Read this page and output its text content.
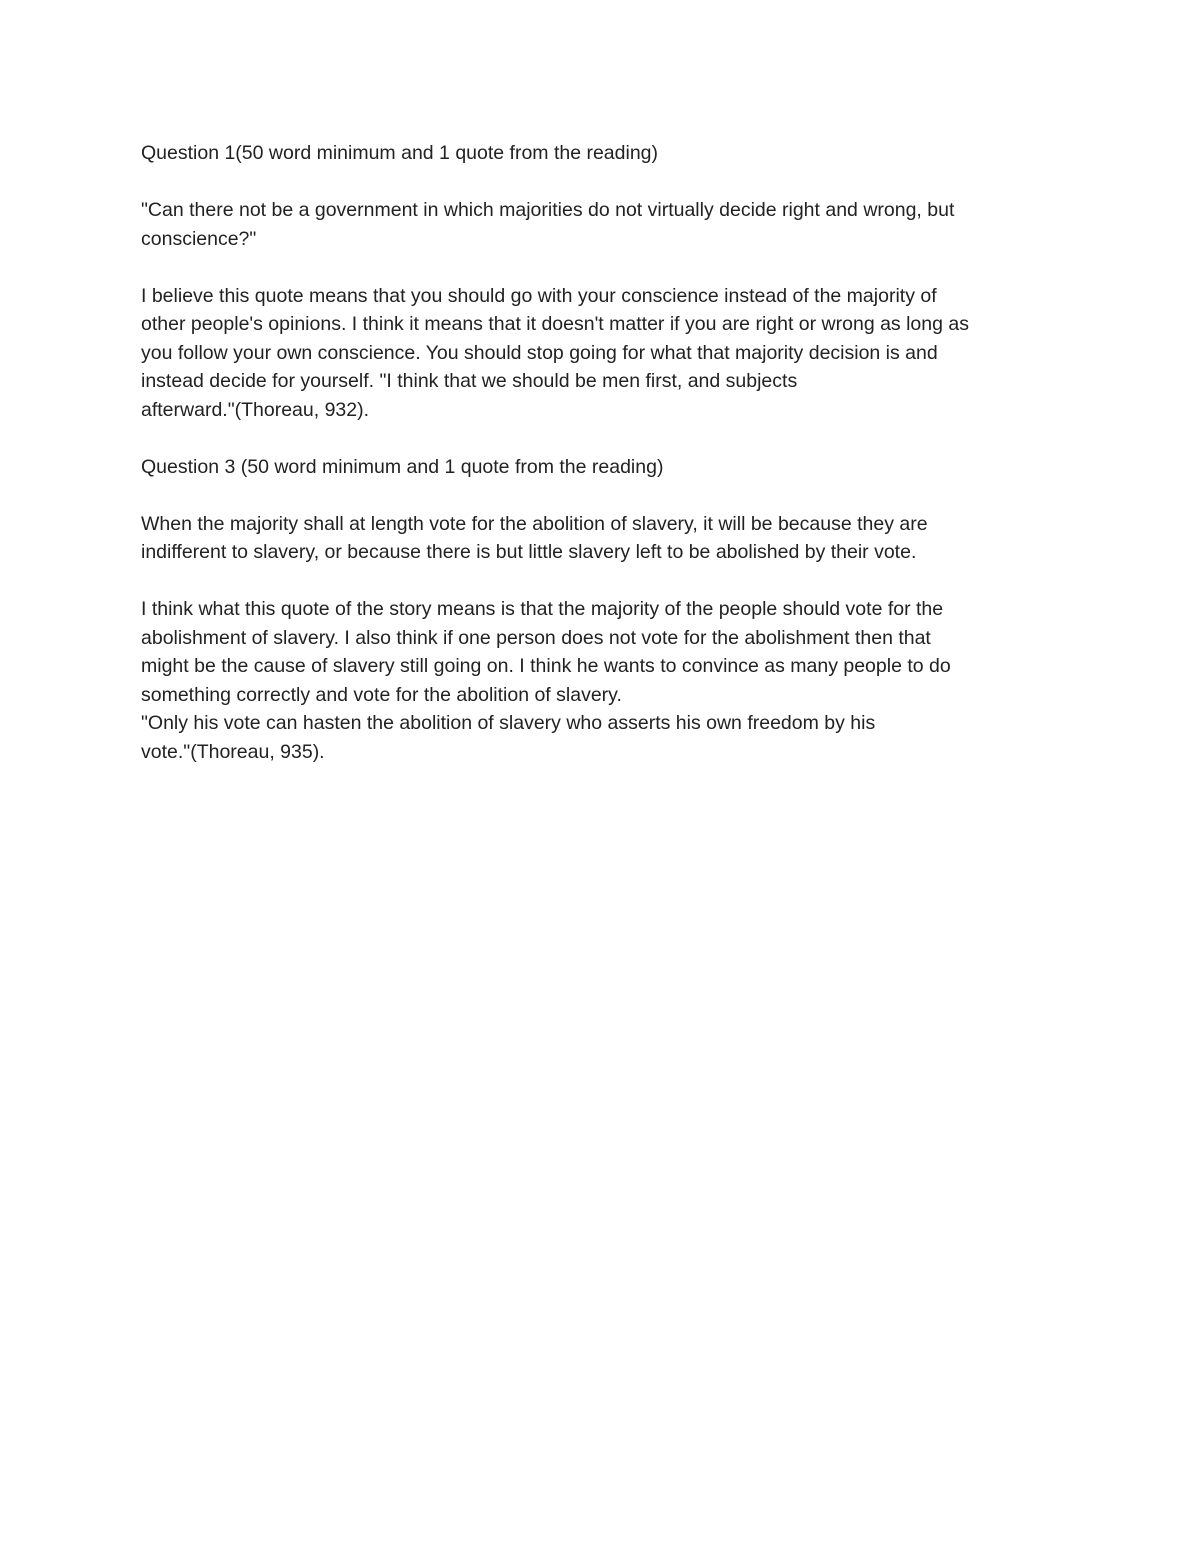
Question 1(50 word minimum and 1 quote from the reading)

"Can there not be a government in which majorities do not virtually decide right and wrong, but
conscience?"

I believe this quote means that you should go with your conscience instead of the majority of
other people's opinions. I think it means that it doesn't matter if you are right or wrong as long as
you follow your own conscience. You should stop going for what that majority decision is and
instead decide for yourself. "I think that we should be men first, and subjects
afterward."(Thoreau, 932).

Question 3 (50 word minimum and 1 quote from the reading)

When the majority shall at length vote for the abolition of slavery, it will be because they are
indifferent to slavery, or because there is but little slavery left to be abolished by their vote.

I think what this quote of the story means is that the majority of the people should vote for the
abolishment of slavery. I also think if one person does not vote for the abolishment then that
might be the cause of slavery still going on. I think he wants to convince as many people to do
something correctly and vote for the abolition of slavery.
"Only his vote can hasten the abolition of slavery who asserts his own freedom by his
vote."(Thoreau, 935).
